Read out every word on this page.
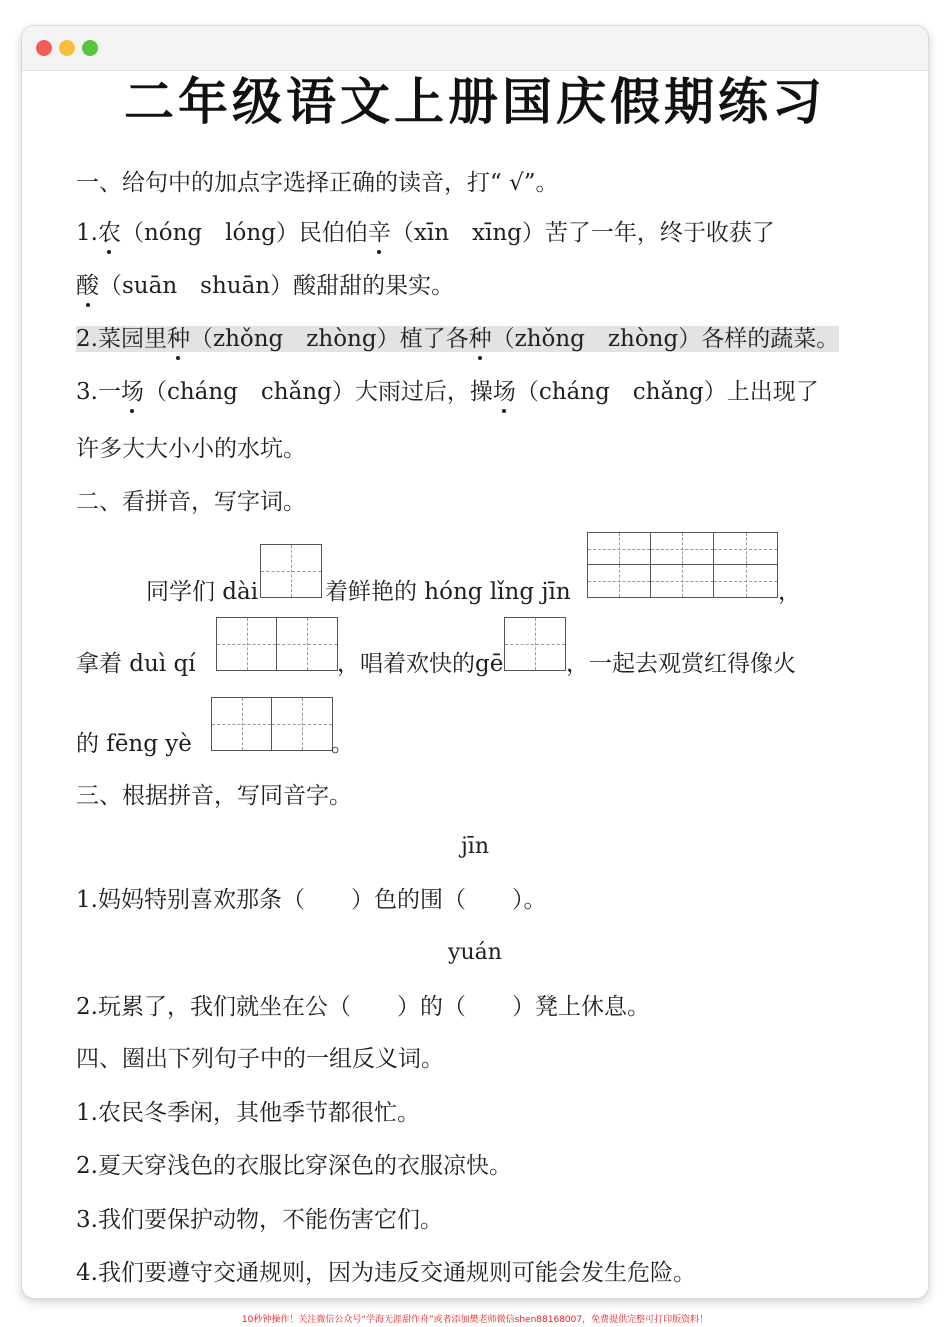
二年级语文上册国庆假期练习
一、给句中的加点字选择正确的读音，打“ √”。
1.农（nóng　lóng）民伯伯辛（xīn　xīng）苦了一年，终于收获了
酸（suān　shuān）酸甜甜的果实。
2.菜园里种（zhǒng　zhòng）植了各种（zhǒng　zhòng）各样的蔬菜。
3.一场（cháng　chǎng）大雨过后，操场（cháng　chǎng）上出现了
许多大大小小的水坑。
二、看拼音，写字词。
同学们 dài	着鲜艳的 hóng lǐng jīn	，
拿着 duì qí	，唱着欢快的gē	，一起去观赏红得像火
的 fēng yè	。
三、根据拼音，写同音字。
jīn
1.妈妈特别喜欢那条（　　）色的围（　　）。
yuán
2.玩累了，我们就坐在公（　　）的（　　）凳上休息。
四、圈出下列句子中的一组反义词。
1.农民冬季闲，其他季节都很忙。
2.夏天穿浅色的衣服比穿深色的衣服凉快。
3.我们要保护动物，不能伤害它们。
4.我们要遵守交通规则，因为违反交通规则可能会发生危险。
10秒钟操作！关注微信公众号“学海无涯甜作舟”或者添加樊老师微信shen88168007，免费提供完整可打印版资料！
